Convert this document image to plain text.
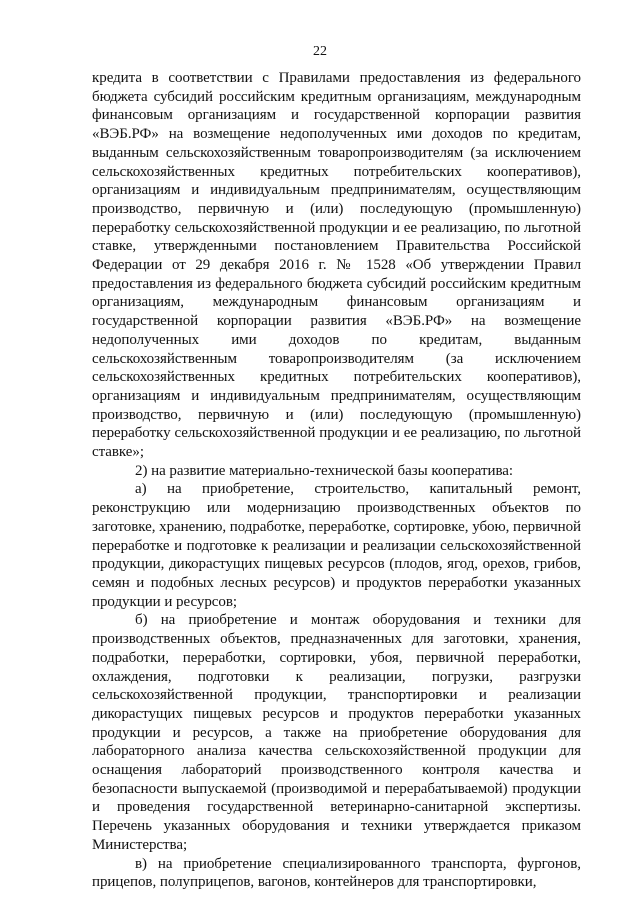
22

кредита в соответствии с Правилами предоставления из федерального бюджета субсидий российским кредитным организациям, международным финансовым организациям и государственной корпорации развития «ВЭБ.РФ» на возмещение недополученных ими доходов по кредитам, выданным сельскохозяйственным товаропроизводителям (за исключением сельскохозяйственных кредитных потребительских кооперативов), организациям и индивидуальным предпринимателям, осуществляющим производство, первичную и (или) последующую (промышленную) переработку сельскохозяйственной продукции и ее реализацию, по льготной ставке, утвержденными постановлением Правительства Российской Федерации от 29 декабря 2016 г. № 1528 «Об утверждении Правил предоставления из федерального бюджета субсидий российским кредитным организациям, международным финансовым организациям и государственной корпорации развития «ВЭБ.РФ» на возмещение недополученных ими доходов по кредитам, выданным сельскохозяйственным товаропроизводителям (за исключением сельскохозяйственных кредитных потребительских кооперативов), организациям и индивидуальным предпринимателям, осуществляющим производство, первичную и (или) последующую (промышленную) переработку сельскохозяйственной продукции и ее реализацию, по льготной ставке»;

2) на развитие материально-технической базы кооператива:

а) на приобретение, строительство, капитальный ремонт, реконструкцию или модернизацию производственных объектов по заготовке, хранению, подработке, переработке, сортировке, убою, первичной переработке и подготовке к реализации и реализации сельскохозяйственной продукции, дикорастущих пищевых ресурсов (плодов, ягод, орехов, грибов, семян и подобных лесных ресурсов) и продуктов переработки указанных продукции и ресурсов;

б) на приобретение и монтаж оборудования и техники для производственных объектов, предназначенных для заготовки, хранения, подработки, переработки, сортировки, убоя, первичной переработки, охлаждения, подготовки к реализации, погрузки, разгрузки сельскохозяйственной продукции, транспортировки и реализации дикорастущих пищевых ресурсов и продуктов переработки указанных продукции и ресурсов, а также на приобретение оборудования для лабораторного анализа качества сельскохозяйственной продукции для оснащения лабораторий производственного контроля качества и безопасности выпускаемой (производимой и перерабатываемой) продукции и проведения государственной ветеринарно-санитарной экспертизы. Перечень указанных оборудования и техники утверждается приказом Министерства;

в) на приобретение специализированного транспорта, фургонов, прицепов, полуприцепов, вагонов, контейнеров для транспортировки,
